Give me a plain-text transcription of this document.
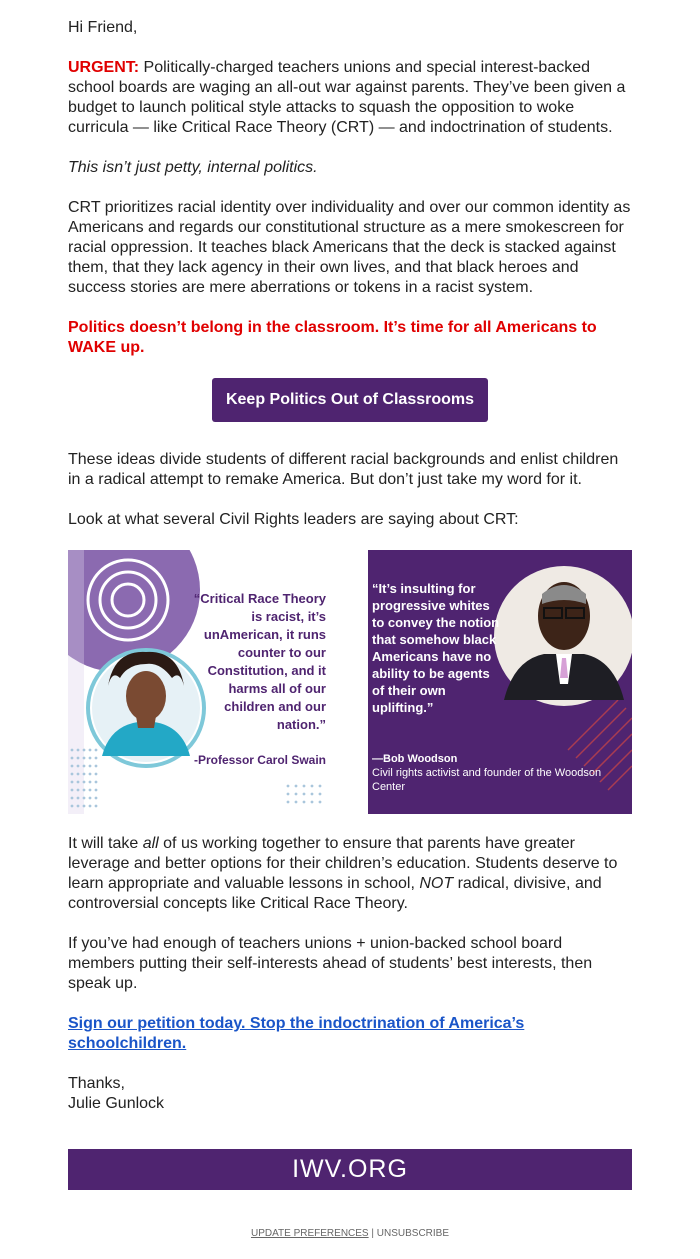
Hi Friend,

URGENT: Politically-charged teachers unions and special interest-backed school boards are waging an all-out war against parents. They’ve been given a budget to launch political style attacks to squash the opposition to woke curricula — like Critical Race Theory (CRT) — and indoctrination of students.

This isn’t just petty, internal politics.

CRT prioritizes racial identity over individuality and over our common identity as Americans and regards our constitutional structure as a mere smokescreen for racial oppression. It teaches black Americans that the deck is stacked against them, that they lack agency in their own lives, and that black heroes and success stories are mere aberrations or tokens in a racist system.

Politics doesn’t belong in the classroom. It’s time for all Americans to WAKE up.

Keep Politics Out of Classrooms

These ideas divide students of different racial backgrounds and enlist children in a radical attempt to remake America. But don’t just take my word for it.

Look at what several Civil Rights leaders are saying about CRT:

“Critical Race Theory is racist, it’s unAmerican, it runs counter to our Constitution, and it harms all of our children and our nation.”
-Professor Carol Swain
“It’s insulting for progressive whites to convey the notion that somehow black Americans have no ability to be agents of their own uplifting.”
—Bob Woodson
Civil rights activist and founder of the Woodson Center

It will take all of us working together to ensure that parents have greater leverage and better options for their children’s education. Students deserve to learn appropriate and valuable lessons in school, NOT radical, divisive, and controversial concepts like Critical Race Theory.

If you’ve had enough of teachers unions + union-backed school board members putting their self-interests ahead of students’ best interests, then speak up.

Sign our petition today. Stop the indoctrination of America’s schoolchildren.

Thanks,
Julie Gunlock

IWV.ORG
UPDATE PREFERENCES | UNSUBSCRIBE
